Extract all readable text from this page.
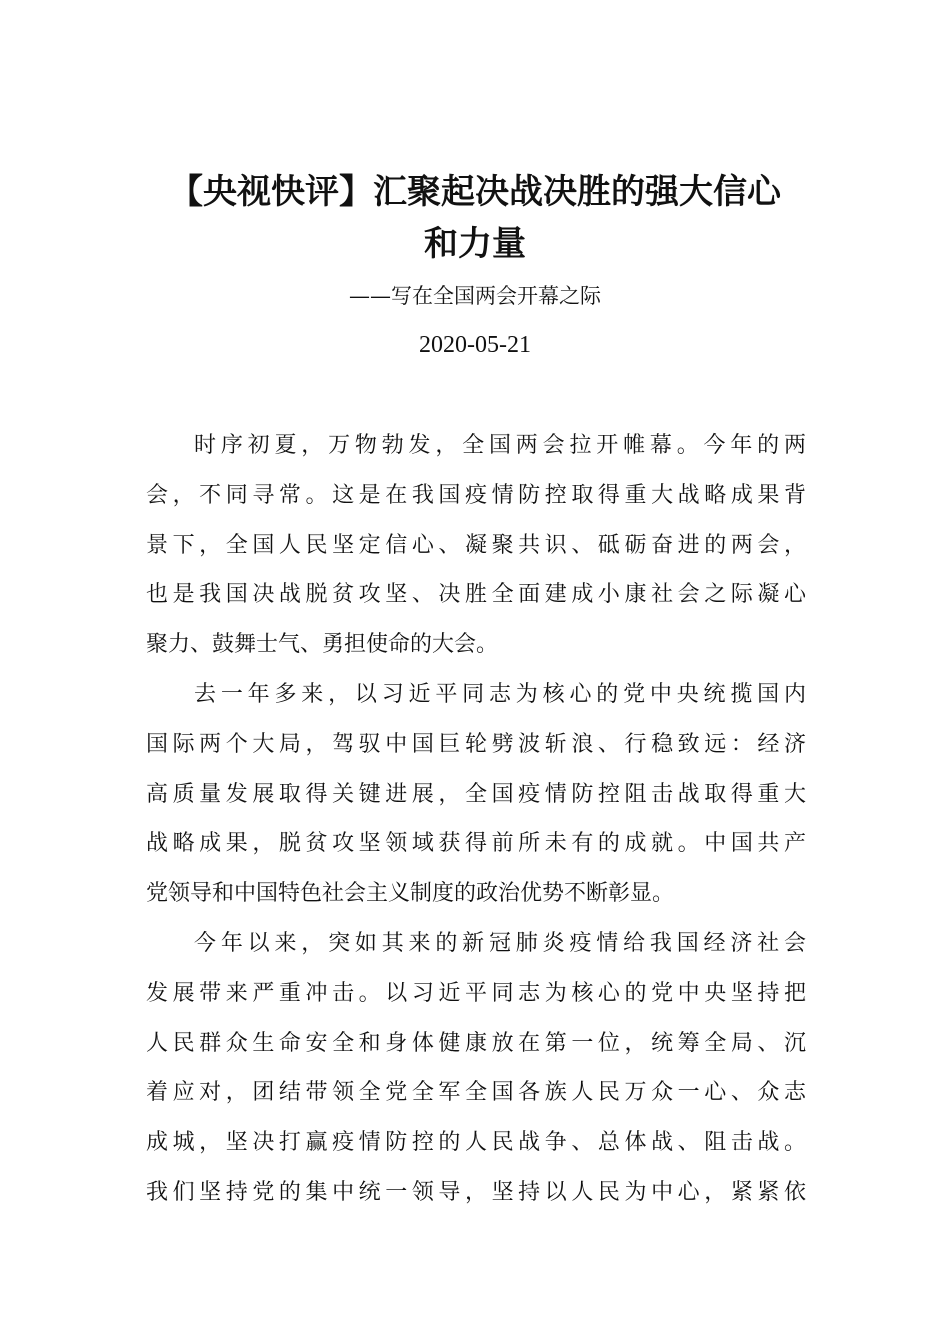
【央视快评】汇聚起决战决胜的强大信心
和力量
——写在全国两会开幕之际
2020-05-21

时序初夏，万物勃发，全国两会拉开帷幕。今年的两
会，不同寻常。这是在我国疫情防控取得重大战略成果背
景下，全国人民坚定信心、凝聚共识、砥砺奋进的两会，
也是我国决战脱贫攻坚、决胜全面建成小康社会之际凝心
聚力、鼓舞士气、勇担使命的大会。

去一年多来，以习近平同志为核心的党中央统揽国内
国际两个大局，驾驭中国巨轮劈波斩浪、行稳致远：经济
高质量发展取得关键进展，全国疫情防控阻击战取得重大
战略成果，脱贫攻坚领域获得前所未有的成就。中国共产
党领导和中国特色社会主义制度的政治优势不断彰显。

今年以来，突如其来的新冠肺炎疫情给我国经济社会
发展带来严重冲击。以习近平同志为核心的党中央坚持把
人民群众生命安全和身体健康放在第一位，统筹全局、沉
着应对，团结带领全党全军全国各族人民万众一心、众志
成城，坚决打赢疫情防控的人民战争、总体战、阻击战。
我们坚持党的集中统一领导，坚持以人民为中心，紧紧依
